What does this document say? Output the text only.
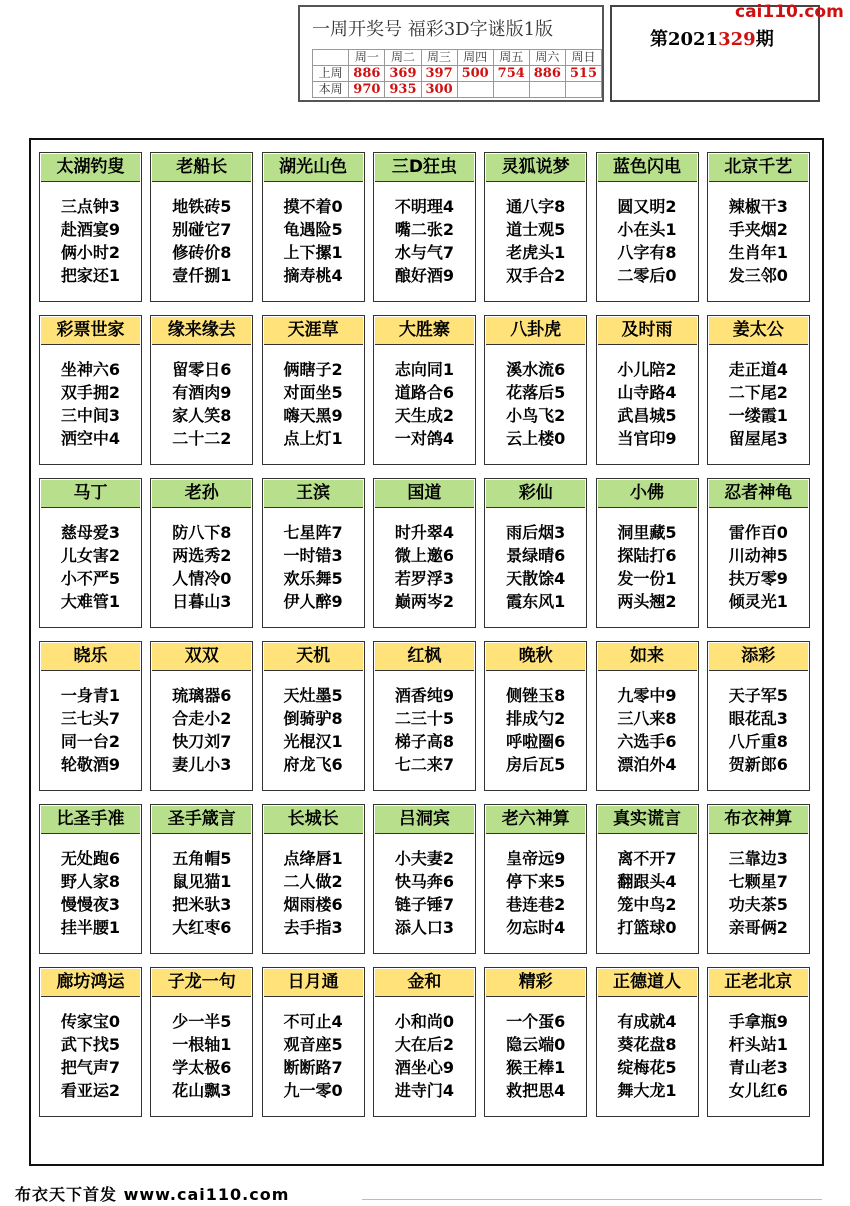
一周开奖号 福彩3D字谜版1版
	周一	周二	周三	周四	周五	周六	周日
上周	886	369	397	500	754	886	515
本周	970	935	300				
第2021329期
cai110.com
太湖钓叟
三点钟3
赴酒宴9
俩小时2
把家还1
老船长
地铁砖5
别碰它7
修砖价8
壹仟捌1
湖光山色
摸不着0
龟遇险5
上下摞1
摘寿桃4
三D狂虫
不明理4
嘴二张2
水与气7
酿好酒9
灵狐说梦
通八字8
道士观5
老虎头1
双手合2
蓝色闪电
圆又明2
小在头1
八字有8
二零后0
北京千艺
辣椒干3
手夹烟2
生肖年1
发三邻0
彩票世家
坐神六6
双手拥2
三中间3
洒空中4
缘来缘去
留零日6
有酒肉9
家人笑8
二十二2
天涯草
俩瞎子2
对面坐5
嗨天黑9
点上灯1
大胜寨
志向同1
道路合6
天生成2
一对鸽4
八卦虎
溪水流6
花落后5
小鸟飞2
云上楼0
及时雨
小儿陪2
山寺路4
武昌城5
当官印9
姜太公
走正道4
二下尾2
一缕霞1
留屋尾3
马丁
慈母爱3
儿女害2
小不严5
大难管1
老孙
防八下8
两选秀2
人情冷0
日暮山3
王滨
七星阵7
一时错3
欢乐舞5
伊人醉9
国道
时升翠4
微上邀6
若罗浮3
巅两岑2
彩仙
雨后烟3
景绿晴6
天散馀4
霞东风1
小佛
洞里藏5
探陆打6
发一份1
两头翘2
忍者神龟
雷作百0
川动神5
扶万零9
倾灵光1
晓乐
一身青1
三七头7
同一台2
轮敬酒9
双双
琉璃器6
合走小2
快刀刘7
妻儿小3
天机
天灶墨5
倒骑驴8
光棍汉1
府龙飞6
红枫
酒香纯9
二三十5
梯子高8
七二来7
晚秋
侧锉玉8
排成勺2
呼啦圈6
房后瓦5
如来
九零中9
三八来8
六选手6
漂泊外4
添彩
天子军5
眼花乱3
八斤重8
贺新郎6
比圣手准
无处跑6
野人家8
慢慢夜3
挂半腰1
圣手箴言
五角帽5
鼠见猫1
把米驮3
大红枣6
长城长
点绛唇1
二人做2
烟雨楼6
去手指3
吕洞宾
小夫妻2
快马奔6
链子锤7
添人口3
老六神算
皇帝远9
停下来5
巷连巷2
勿忘时4
真实谎言
离不开7
翻跟头4
笼中鸟2
打篮球0
布衣神算
三靠边3
七颗星7
功夫茶5
亲哥俩2
廊坊鸿运
传家宝0
武下找5
把气声7
看亚运2
子龙一句
少一半5
一根轴1
学太极6
花山飘3
日月通
不可止4
观音座5
断断路7
九一零0
金和
小和尚0
大在后2
酒坐心9
进寺门4
精彩
一个蛋6
隐云端0
猴王棒1
救把思4
正德道人
有成就4
葵花盘8
绽梅花5
舞大龙1
正老北京
手拿瓶9
杆头站1
青山老3
女儿红6
布衣天下首发 www.cai110.com
